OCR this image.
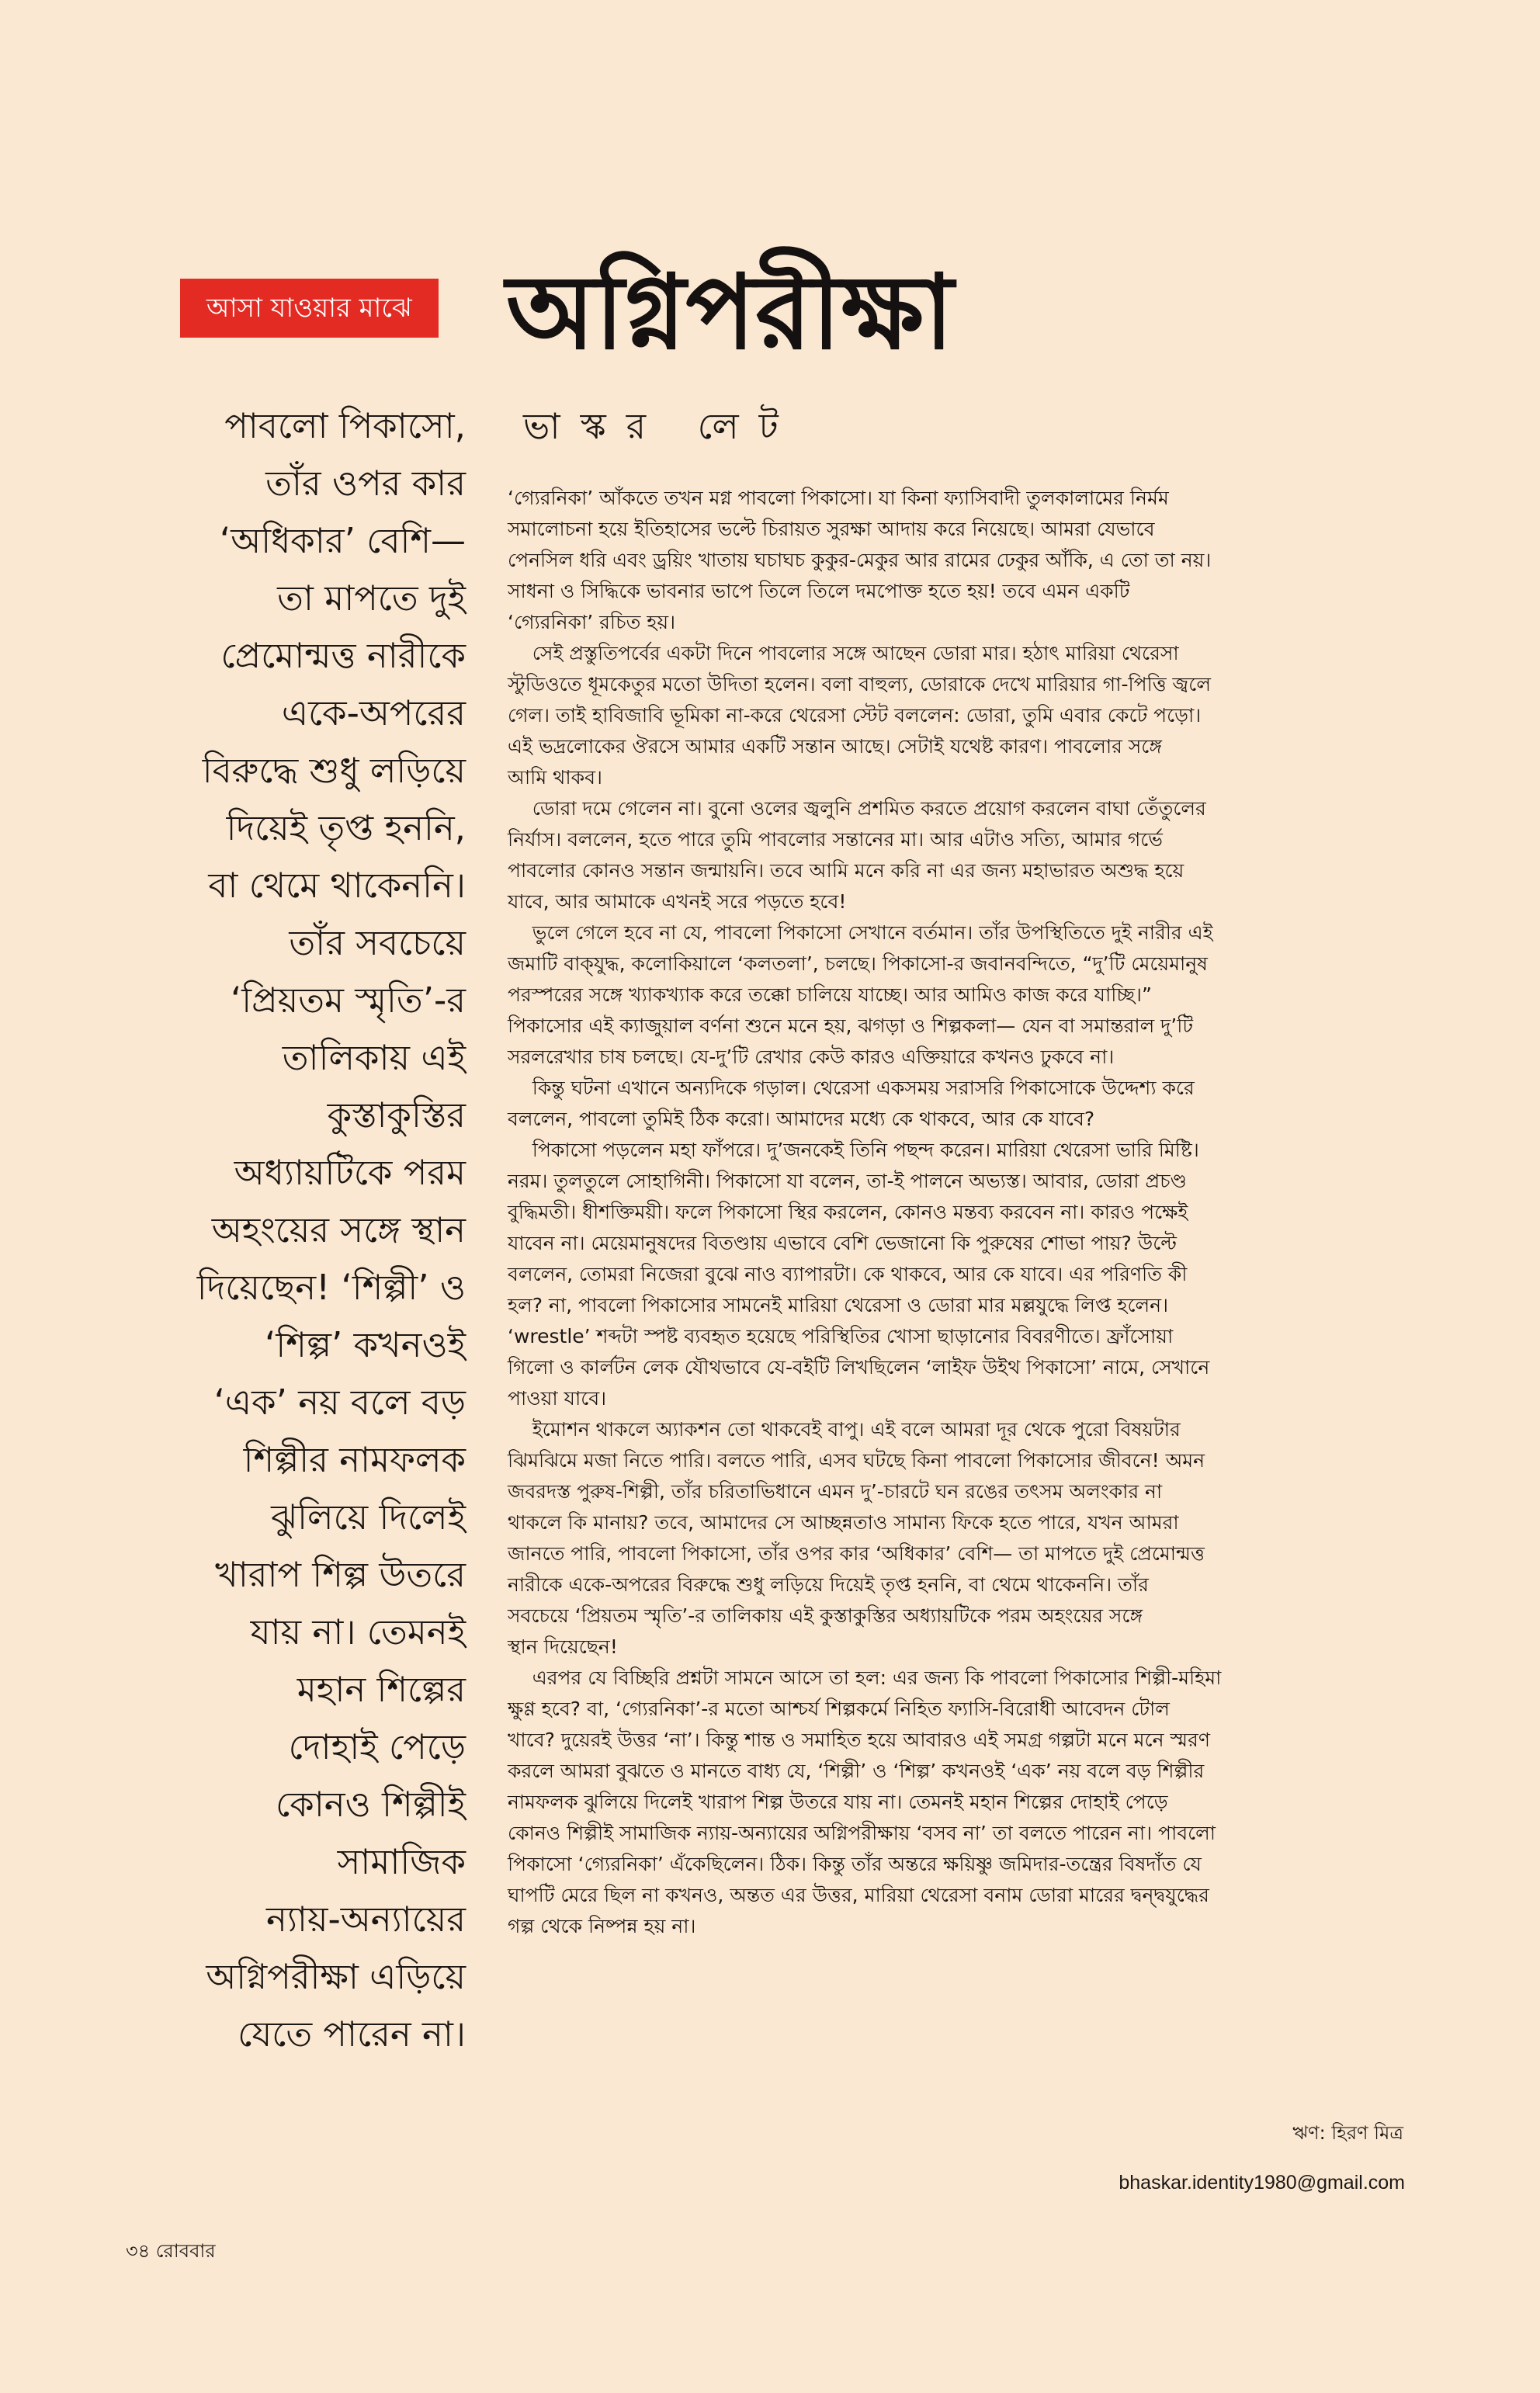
আসা যাওয়ার মাঝে অগ্নিপরীক্ষা
ভাস্কর লেট
পাবলো পিকাসো,
তাঁর ওপর কার
‘অধিকার’ বেশি—
তা মাপতে দুই
প্রেমোন্মত্ত নারীকে
একে-অপরের
বিরুদ্ধে শুধু লড়িয়ে
দিয়েই তৃপ্ত হননি,
বা থেমে থাকেননি।
তাঁর সবচেয়ে
‘প্রিয়তম স্মৃতি’-র
তালিকায় এই
কুস্তাকুস্তির
অধ্যায়টিকে পরম
অহংয়ের সঙ্গে স্থান
দিয়েছেন! ‘শিল্পী’ ও
‘শিল্প’ কখনওই
‘এক’ নয় বলে বড়
শিল্পীর নামফলক
ঝুলিয়ে দিলেই
খারাপ শিল্প উতরে
যায় না। তেমনই
মহান শিল্পের
দোহাই পেড়ে
কোনও শিল্পীই
সামাজিক
ন্যায়-অন্যায়ের
অগ্নিপরীক্ষা এড়িয়ে
যেতে পারেন না।
‘গ্যেরনিকা’ আঁকতে তখন মগ্ন পাবলো পিকাসো। যা কিনা ফ্যাসিবাদী তুলকালামের নির্মম
সমালোচনা হয়ে ইতিহাসের ভল্টে চিরায়ত সুরক্ষা আদায় করে নিয়েছে। আমরা যেভাবে
পেনসিল ধরি এবং ড্রয়িং খাতায় ঘচাঘচ কুকুর-মেকুর আর রামের ঢেকুর আঁকি, এ তো তা নয়।
সাধনা ও সিদ্ধিকে ভাবনার ভাপে তিলে তিলে দমপোক্ত হতে হয়! তবে এমন একটি
‘গ্যেরনিকা’ রচিত হয়।
সেই প্রস্তুতিপর্বের একটা দিনে পাবলোর সঙ্গে আছেন ডোরা মার। হঠাৎ মারিয়া থেরেসা
স্টুডিওতে ধূমকেতুর মতো উদিতা হলেন। বলা বাহুল্য, ডোরাকে দেখে মারিয়ার গা-পিত্তি জ্বলে
গেল। তাই হাবিজাবি ভূমিকা না-করে থেরেসা স্টেট বললেন: ডোরা, তুমি এবার কেটে পড়ো।
এই ভদ্রলোকের ঔরসে আমার একটি সন্তান আছে। সেটাই যথেষ্ট কারণ। পাবলোর সঙ্গে
আমি থাকব।
ডোরা দমে গেলেন না। বুনো ওলের জ্বলুনি প্রশমিত করতে প্রয়োগ করলেন বাঘা তেঁতুলের
নির্যাস। বললেন, হতে পারে তুমি পাবলোর সন্তানের মা। আর এটাও সত্যি, আমার গর্ভে
পাবলোর কোনও সন্তান জন্মায়নি। তবে আমি মনে করি না এর জন্য মহাভারত অশুদ্ধ হয়ে
যাবে, আর আমাকে এখনই সরে পড়তে হবে!
ভুলে গেলে হবে না যে, পাবলো পিকাসো সেখানে বর্তমান। তাঁর উপস্থিতিতে দুই নারীর এই
জমাটি বাক্‌যুদ্ধ, কলোকিয়ালে ‘কলতলা’, চলছে। পিকাসো-র জবানবন্দিতে, “দু’টি মেয়েমানুষ
পরস্পরের সঙ্গে খ্যাকখ্যাক করে তক্কো চালিয়ে যাচ্ছে। আর আমিও কাজ করে যাচ্ছি।”
পিকাসোর এই ক্যাজুয়াল বর্ণনা শুনে মনে হয়, ঝগড়া ও শিল্পকলা— যেন বা সমান্তরাল দু’টি
সরলরেখার চাষ চলছে। যে-দু’টি রেখার কেউ কারও এক্তিয়ারে কখনও ঢুকবে না।
কিন্তু ঘটনা এখানে অন্যদিকে গড়াল। থেরেসা একসময় সরাসরি পিকাসোকে উদ্দেশ্য করে
বললেন, পাবলো তুমিই ঠিক করো। আমাদের মধ্যে কে থাকবে, আর কে যাবে?
পিকাসো পড়লেন মহা ফাঁপরে। দু’জনকেই তিনি পছন্দ করেন। মারিয়া থেরেসা ভারি মিষ্টি।
নরম। তুলতুলে সোহাগিনী। পিকাসো যা বলেন, তা-ই পালনে অভ্যস্ত। আবার, ডোরা প্রচণ্ড
বুদ্ধিমতী। ধীশক্তিময়ী। ফলে পিকাসো স্থির করলেন, কোনও মন্তব্য করবেন না। কারও পক্ষেই
যাবেন না। মেয়েমানুষদের বিতণ্ডায় এভাবে বেশি ভেজানো কি পুরুষের শোভা পায়? উল্টে
বললেন, তোমরা নিজেরা বুঝে নাও ব্যাপারটা। কে থাকবে, আর কে যাবে। এর পরিণতি কী
হল? না, পাবলো পিকাসোর সামনেই মারিয়া থেরেসা ও ডোরা মার মল্লযুদ্ধে লিপ্ত হলেন।
‘wrestle’ শব্দটা স্পষ্ট ব্যবহৃত হয়েছে পরিস্থিতির খোসা ছাড়ানোর বিবরণীতে। ফ্রাঁসোয়া
গিলো ও কার্লটন লেক যৌথভাবে যে-বইটি লিখছিলেন ‘লাইফ উইথ পিকাসো’ নামে, সেখানে
পাওয়া যাবে।
ইমোশন থাকলে অ্যাকশন তো থাকবেই বাপু। এই বলে আমরা দূর থেকে পুরো বিষয়টার
ঝিমঝিমে মজা নিতে পারি। বলতে পারি, এসব ঘটছে কিনা পাবলো পিকাসোর জীবনে! অমন
জবরদস্ত পুরুষ-শিল্পী, তাঁর চরিতাভিধানে এমন দু’-চারটে ঘন রঙের তৎসম অলংকার না
থাকলে কি মানায়? তবে, আমাদের সে আচ্ছন্নতাও সামান্য ফিকে হতে পারে, যখন আমরা
জানতে পারি, পাবলো পিকাসো, তাঁর ওপর কার ‘অধিকার’ বেশি— তা মাপতে দুই প্রেমোন্মত্ত
নারীকে একে-অপরের বিরুদ্ধে শুধু লড়িয়ে দিয়েই তৃপ্ত হননি, বা থেমে থাকেননি। তাঁর
সবচেয়ে ‘প্রিয়তম স্মৃতি’-র তালিকায় এই কুস্তাকুস্তির অধ্যায়টিকে পরম অহংয়ের সঙ্গে
স্থান দিয়েছেন!
এরপর যে বিচ্ছিরি প্রশ্নটা সামনে আসে তা হল: এর জন্য কি পাবলো পিকাসোর শিল্পী-মহিমা
ক্ষুণ্ণ হবে? বা, ‘গ্যেরনিকা’-র মতো আশ্চর্য শিল্পকর্মে নিহিত ফ্যাসি-বিরোধী আবেদন টোল
খাবে? দুয়েরই উত্তর ‘না’। কিন্তু শান্ত ও সমাহিত হয়ে আবারও এই সমগ্র গল্পটা মনে মনে স্মরণ
করলে আমরা বুঝতে ও মানতে বাধ্য যে, ‘শিল্পী’ ও ‘শিল্প’ কখনওই ‘এক’ নয় বলে বড় শিল্পীর
নামফলক ঝুলিয়ে দিলেই খারাপ শিল্প উতরে যায় না। তেমনই মহান শিল্পের দোহাই পেড়ে
কোনও শিল্পীই সামাজিক ন্যায়-অন্যায়ের অগ্নিপরীক্ষায় ‘বসব না’ তা বলতে পারেন না। পাবলো
পিকাসো ‘গ্যেরনিকা’ এঁকেছিলেন। ঠিক। কিন্তু তাঁর অন্তরে ক্ষয়িষ্ণু জমিদার-তন্ত্রের বিষদাঁত যে
ঘাপটি মেরে ছিল না কখনও, অন্তত এর উত্তর, মারিয়া থেরেসা বনাম ডোরা মারের দ্বন্দ্বযুদ্ধের
গল্প থেকে নিষ্পন্ন হয় না।
ঋণ: হিরণ মিত্র
bhaskar.identity1980@gmail.com
৩৪ রোববার
